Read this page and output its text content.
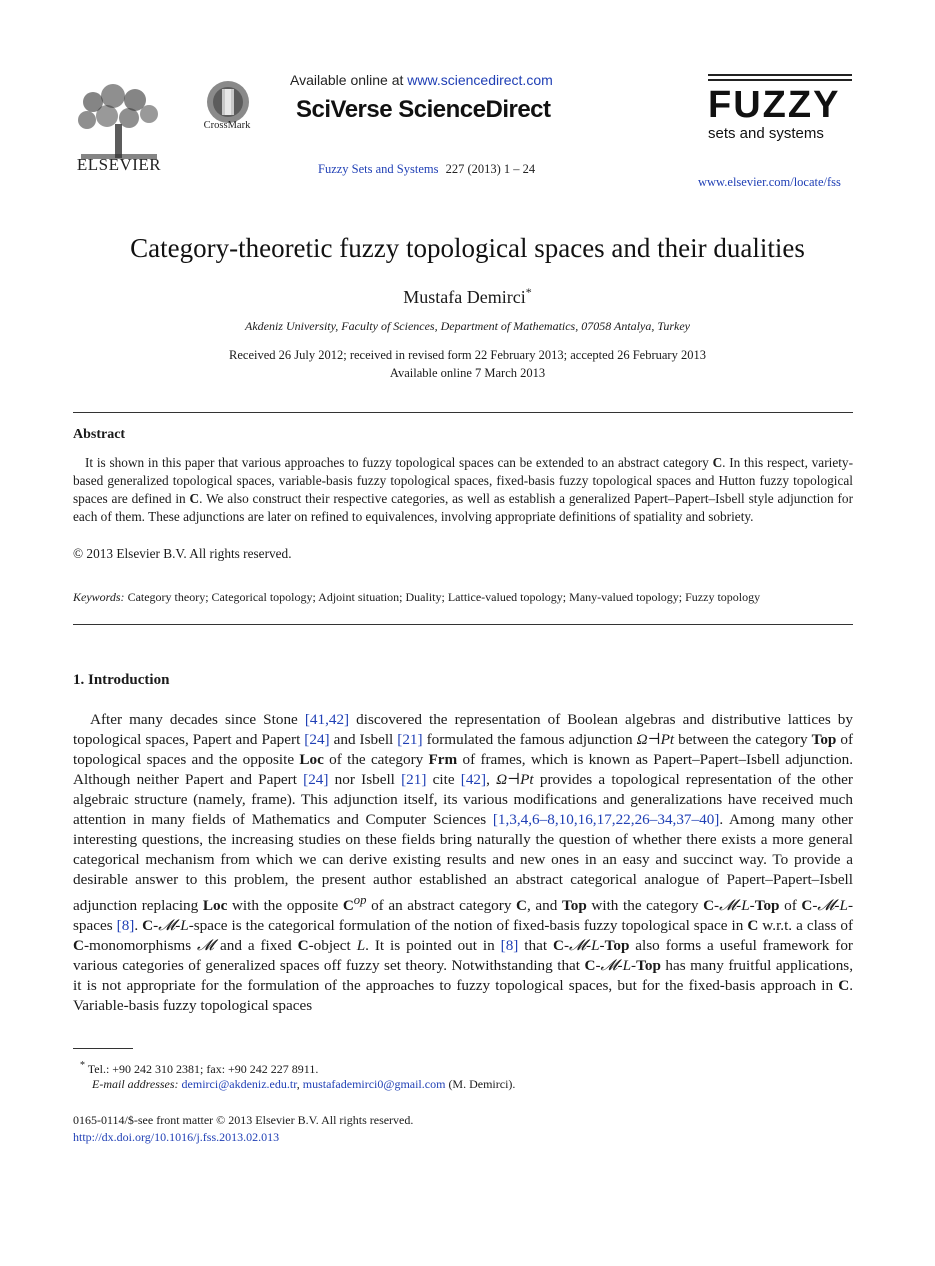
ELSEVIER
CrossMark
Available online at www.sciencedirect.com
SciVerse ScienceDirect
Fuzzy Sets and Systems 227 (2013) 1 – 24
FUZZY
sets and systems
www.elsevier.com/locate/fss
Category-theoretic fuzzy topological spaces and their dualities
Mustafa Demirci*
Akdeniz University, Faculty of Sciences, Department of Mathematics, 07058 Antalya, Turkey
Received 26 July 2012; received in revised form 22 February 2013; accepted 26 February 2013
Available online 7 March 2013
Abstract
It is shown in this paper that various approaches to fuzzy topological spaces can be extended to an abstract category C. In this respect, variety-based generalized topological spaces, variable-basis fuzzy topological spaces, fixed-basis fuzzy topological spaces and Hutton fuzzy topological spaces are defined in C. We also construct their respective categories, as well as establish a generalized Papert–Papert–Isbell style adjunction for each of them. These adjunctions are later on refined to equivalences, involving appropriate definitions of spatiality and sobriety.
© 2013 Elsevier B.V. All rights reserved.
Keywords: Category theory; Categorical topology; Adjoint situation; Duality; Lattice-valued topology; Many-valued topology; Fuzzy topology
1. Introduction
After many decades since Stone [41,42] discovered the representation of Boolean algebras and distributive lattices by topological spaces, Papert and Papert [24] and Isbell [21] formulated the famous adjunction Ω⊣Pt between the category Top of topological spaces and the opposite Loc of the category Frm of frames, which is known as Papert–Papert–Isbell adjunction. Although neither Papert and Papert [24] nor Isbell [21] cite [42], Ω⊣Pt provides a topological representation of the other algebraic structure (namely, frame). This adjunction itself, its various modifications and generalizations have received much attention in many fields of Mathematics and Computer Sciences [1,3,4,6–8,10,16,17,22,26–34,37–40]. Among many other interesting questions, the increasing studies on these fields bring naturally the question of whether there exists a more general categorical mechanism from which we can derive existing results and new ones in an easy and succinct way. To provide a desirable answer to this problem, the present author established an abstract categorical analogue of Papert–Papert–Isbell adjunction replacing Loc with the opposite $C^{op}$ of an abstract category C, and Top with the category C-𝓜-L-Top of C-𝓜-L-spaces [8]. C-𝓜-L-space is the categorical formulation of the notion of fixed-basis fuzzy topological space in C w.r.t. a class of C-monomorphisms 𝓜 and a fixed C-object L. It is pointed out in [8] that C-𝓜-L-Top also forms a useful framework for various categories of generalized spaces off fuzzy set theory. Notwithstanding that C-𝓜-L-Top has many fruitful applications, it is not appropriate for the formulation of the approaches to fuzzy topological spaces, but for the fixed-basis approach in C. Variable-basis fuzzy topological spaces
* Tel.: +90 242 310 2381; fax: +90 242 227 8911.
E-mail addresses: demirci@akdeniz.edu.tr, mustafademirci0@gmail.com (M. Demirci).
0165-0114/$-see front matter © 2013 Elsevier B.V. All rights reserved.
http://dx.doi.org/10.1016/j.fss.2013.02.013
